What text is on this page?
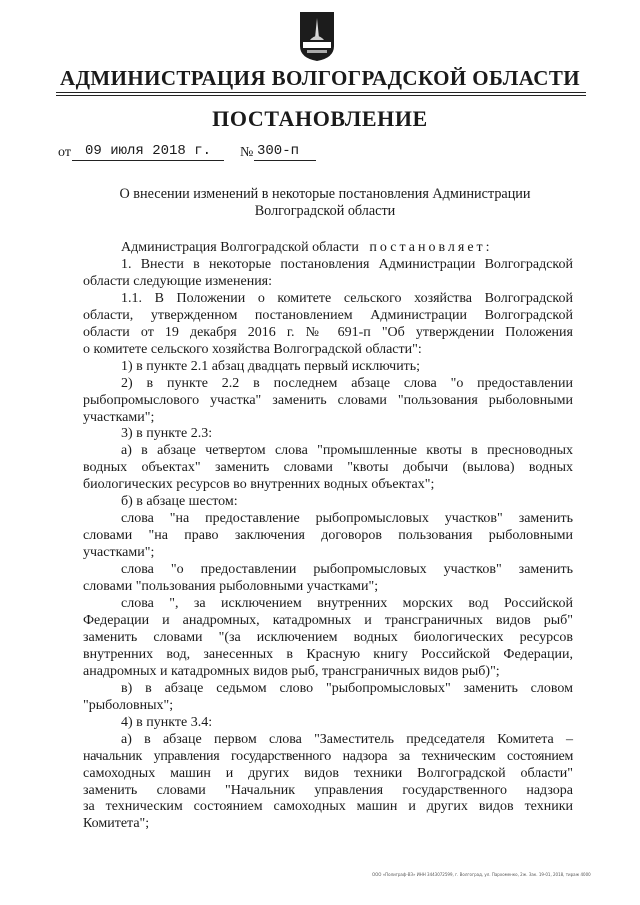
АДМИНИСТРАЦИЯ ВОЛГОГРАДСКОЙ ОБЛАСТИ
ПОСТАНОВЛЕНИЕ
от 09 июля 2018 г. № 300-п
О внесении изменений в некоторые постановления Администрации Волгоградской области

Администрация Волгоградской области постановляет:

1. Внести в некоторые постановления Администрации Волгоградской

области следующие изменения:

1.1. В Положении о комитете сельского хозяйства Волгоградской

области, утвержденном постановлением Администрации Волгоградской

области от 19 декабря 2016 г. № 691-п "Об утверждении Положения

о комитете сельского хозяйства Волгоградской области":

1) в пункте 2.1 абзац двадцать первый исключить;

2) в пункте 2.2 в последнем абзаце слова "о предоставлении

рыбопромыслового участка" заменить словами "пользования рыболовными

участками";

3) в пункте 2.3:

а) в абзаце четвертом слова "промышленные квоты в пресноводных

водных объектах" заменить словами "квоты добычи (вылова) водных

биологических ресурсов во внутренних водных объектах";

б) в абзаце шестом:

слова "на предоставление рыбопромысловых участков" заменить

словами "на право заключения договоров пользования рыболовными

участками";

слова "о предоставлении рыбопромысловых участков" заменить

словами "пользования рыболовными участками";

слова ", за исключением внутренних морских вод Российской

Федерации и анадромных, катадромных и трансграничных видов рыб"

заменить словами "(за исключением водных биологических ресурсов

внутренних вод, занесенных в Красную книгу Российской Федерации,

анадромных и катадромных видов рыб, трансграничных видов рыб)";

в) в абзаце седьмом слово "рыбопромысловых" заменить словом

"рыболовных";

4) в пункте 3.4:

а) в абзаце первом слова "Заместитель председателя Комитета –

начальник управления государственного надзора за техническим состоянием

самоходных машин и других видов техники Волгоградской области"

заменить словами "Начальник управления государственного надзора

за техническим состоянием самоходных машин и других видов техники

Комитета";

ООО «Полиграф-ВЗ» ИНН 3443072599, г. Волгоград, ул. Пархоменко, 2ж. Зак. 19-01, 2018, тираж 4000
